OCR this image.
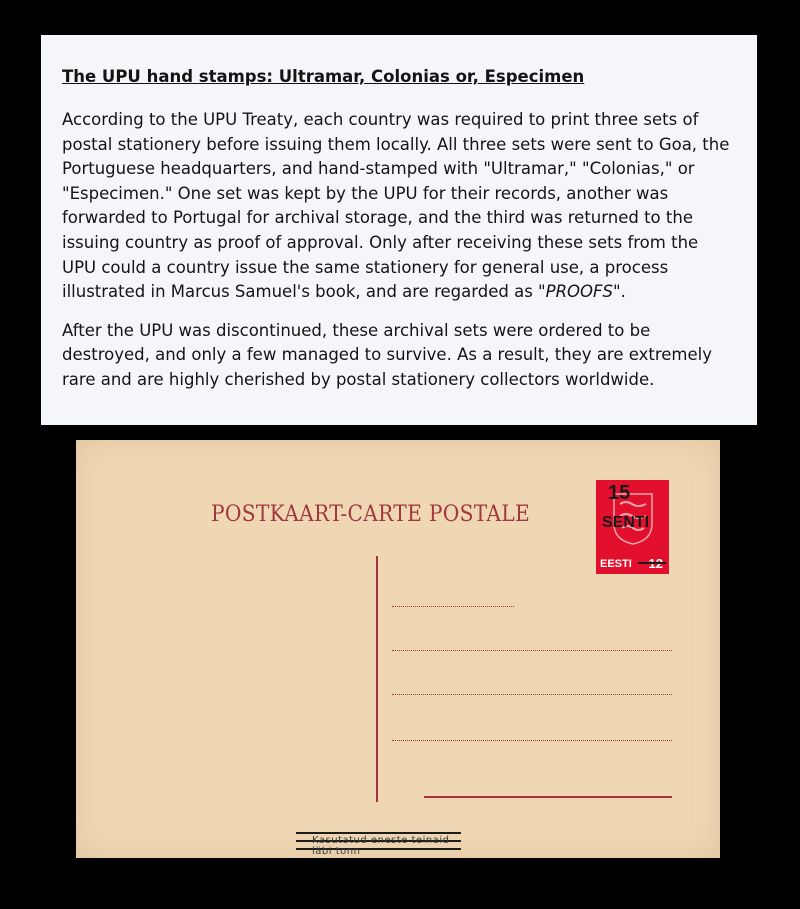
The UPU hand stamps: Ultramar, Colonias or, Especimen

According to the UPU Treaty, each country was required to print three sets of postal stationery before issuing them locally. All three sets were sent to Goa, the Portuguese headquarters, and hand-stamped with "Ultramar," "Colonias," or "Especimen." One set was kept by the UPU for their records, another was forwarded to Portugal for archival storage, and the third was returned to the issuing country as proof of approval. Only after receiving these sets from the UPU could a country issue the same stationery for general use, a process illustrated in Marcus Samuel's book, and are regarded as "PROOFS".

After the UPU was discontinued, these archival sets were ordered to be destroyed, and only a few managed to survive. As a result, they are extremely rare and are highly cherished by postal stationery collectors worldwide.

POSTKAART-CARTE POSTALE
15
SENTI
EESTI
Kasutatud eneste teinaid läbi tonn
